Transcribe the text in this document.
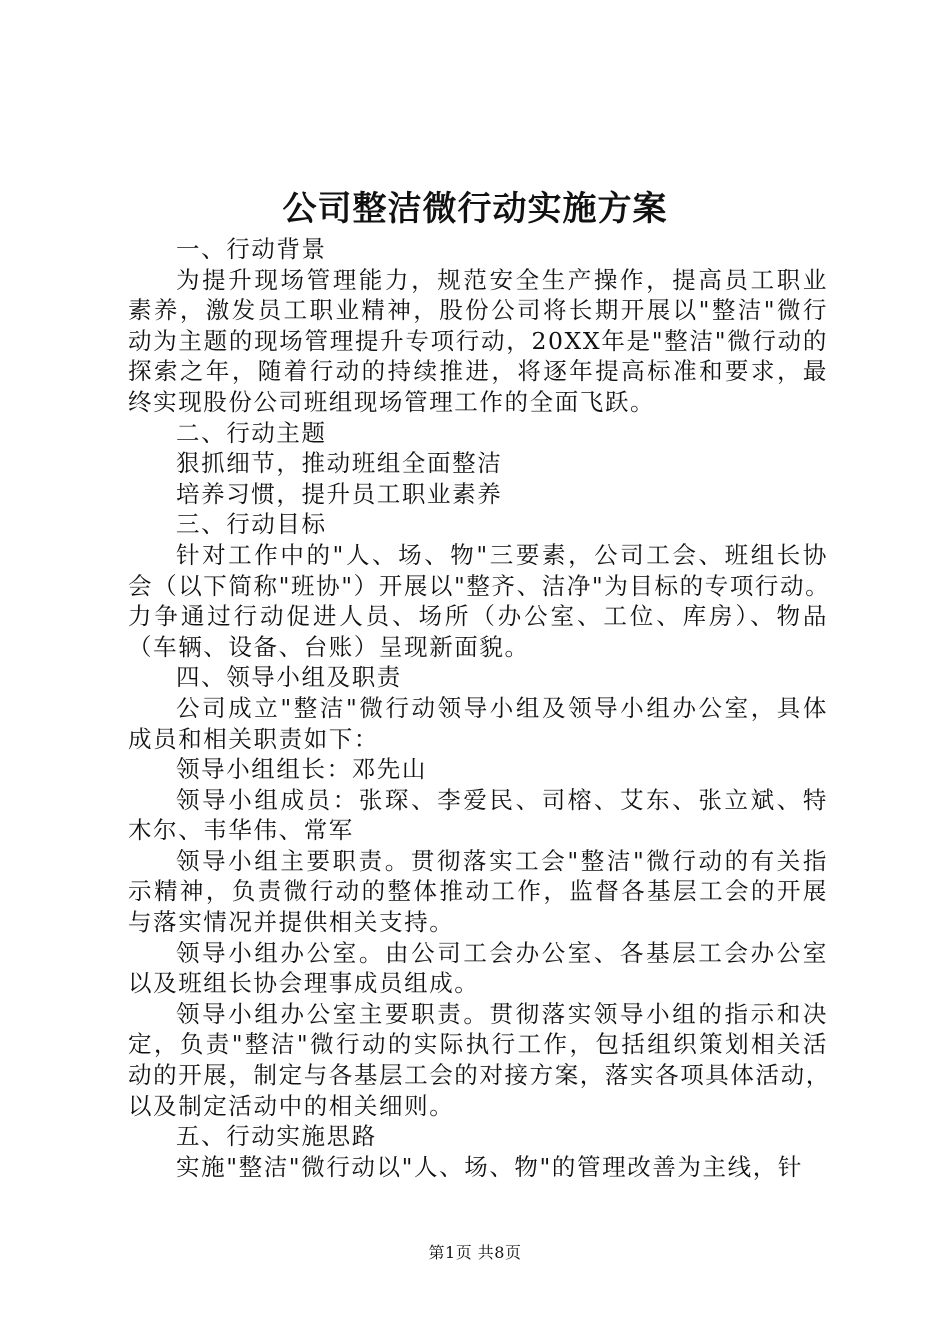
公司整洁微行动实施方案
一、行动背景
为提升现场管理能力，规范安全生产操作，提高员工职业
素养，激发员工职业精神，股份公司将长期开展以"整洁"微行
动为主题的现场管理提升专项行动，20XX年是"整洁"微行动的
探索之年，随着行动的持续推进，将逐年提高标准和要求，最
终实现股份公司班组现场管理工作的全面飞跃。
二、行动主题
狠抓细节，推动班组全面整洁
培养习惯，提升员工职业素养
三、行动目标
针对工作中的"人、场、物"三要素，公司工会、班组长协
会（以下简称"班协"）开展以"整齐、洁净"为目标的专项行动。
力争通过行动促进人员、场所（办公室、工位、库房）、物品
（车辆、设备、台账）呈现新面貌。
四、领导小组及职责
公司成立"整洁"微行动领导小组及领导小组办公室，具体
成员和相关职责如下：
领导小组组长：邓先山
领导小组成员：张琛、李爱民、司榕、艾东、张立斌、特
木尔、韦华伟、常军
领导小组主要职责。贯彻落实工会"整洁"微行动的有关指
示精神，负责微行动的整体推动工作，监督各基层工会的开展
与落实情况并提供相关支持。
领导小组办公室。由公司工会办公室、各基层工会办公室
以及班组长协会理事成员组成。
领导小组办公室主要职责。贯彻落实领导小组的指示和决
定，负责"整洁"微行动的实际执行工作，包括组织策划相关活
动的开展，制定与各基层工会的对接方案，落实各项具体活动，
以及制定活动中的相关细则。
五、行动实施思路
实施"整洁"微行动以"人、场、物"的管理改善为主线，针
第1页 共8页
